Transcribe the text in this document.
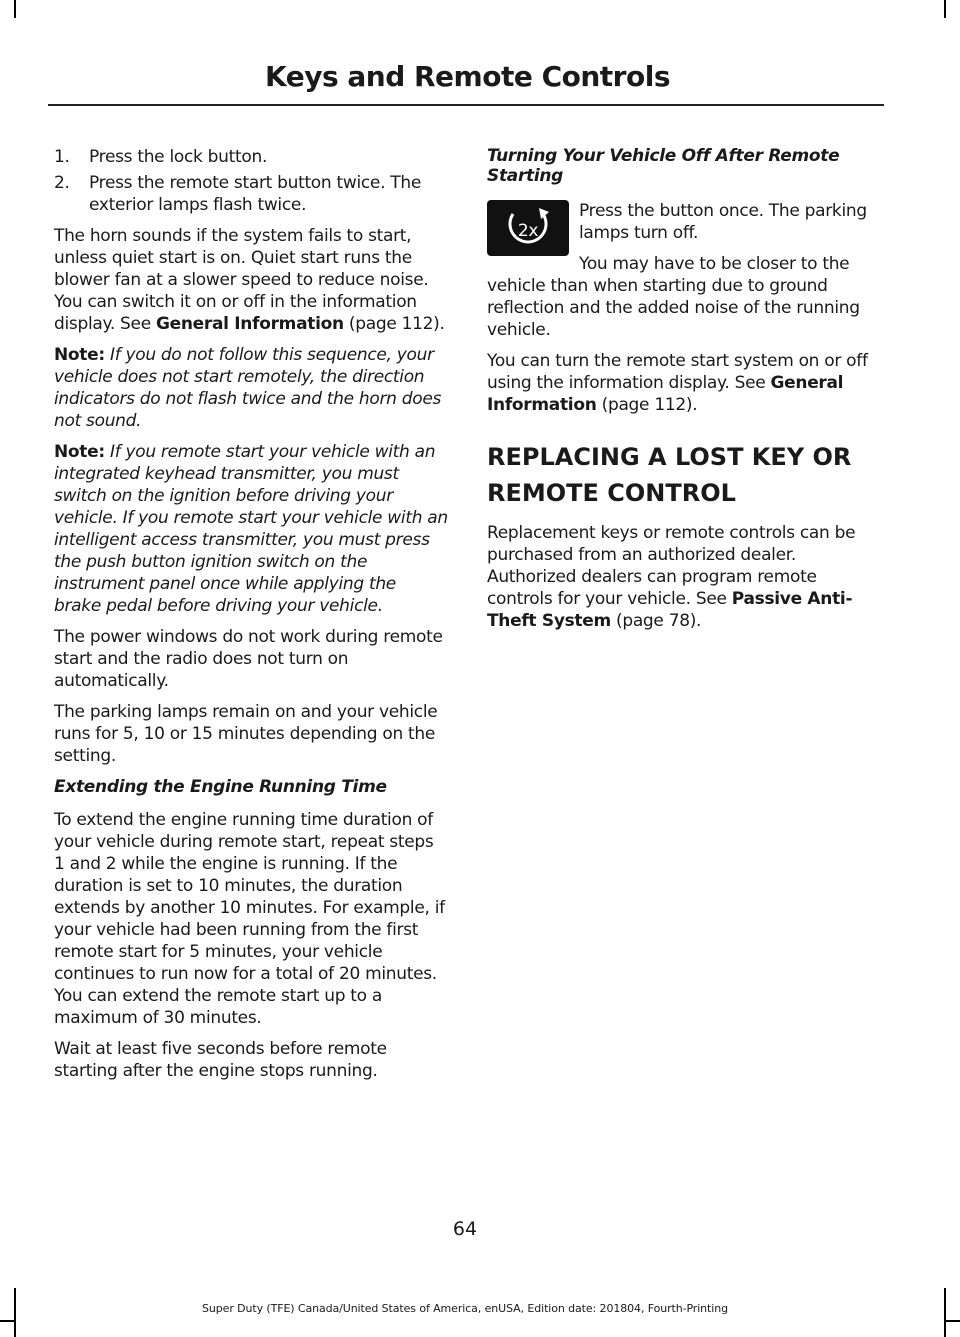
Keys and Remote Controls
1. Press the lock button.
2. Press the remote start button twice. The exterior lamps flash twice.

The horn sounds if the system fails to start, unless quiet start is on. Quiet start runs the blower fan at a slower speed to reduce noise. You can switch it on or off in the information display. See General Information (page 112).

Note: If you do not follow this sequence, your vehicle does not start remotely, the direction indicators do not flash twice and the horn does not sound.

Note: If you remote start your vehicle with an integrated keyhead transmitter, you must switch on the ignition before driving your vehicle. If you remote start your vehicle with an intelligent access transmitter, you must press the push button ignition switch on the instrument panel once while applying the brake pedal before driving your vehicle.

The power windows do not work during remote start and the radio does not turn on automatically.

The parking lamps remain on and your vehicle runs for 5, 10 or 15 minutes depending on the setting.

Extending the Engine Running Time

To extend the engine running time duration of your vehicle during remote start, repeat steps 1 and 2 while the engine is running. If the duration is set to 10 minutes, the duration extends by another 10 minutes. For example, if your vehicle had been running from the first remote start for 5 minutes, your vehicle continues to run now for a total of 20 minutes. You can extend the remote start up to a maximum of 30 minutes.

Wait at least five seconds before remote starting after the engine stops running.

Turning Your Vehicle Off After Remote Starting
2x

Press the button once. The parking lamps turn off.

You may have to be closer to the

vehicle than when starting due to ground reflection and the added noise of the running vehicle.

You can turn the remote start system on or off using the information display. See General Information (page 112).

REPLACING A LOST KEY OR
REMOTE CONTROL

Replacement keys or remote controls can be purchased from an authorized dealer. Authorized dealers can program remote controls for your vehicle. See Passive Anti-Theft System (page 78).

64
Super Duty (TFE) Canada/United States of America, enUSA, Edition date: 201804, Fourth-Printing
